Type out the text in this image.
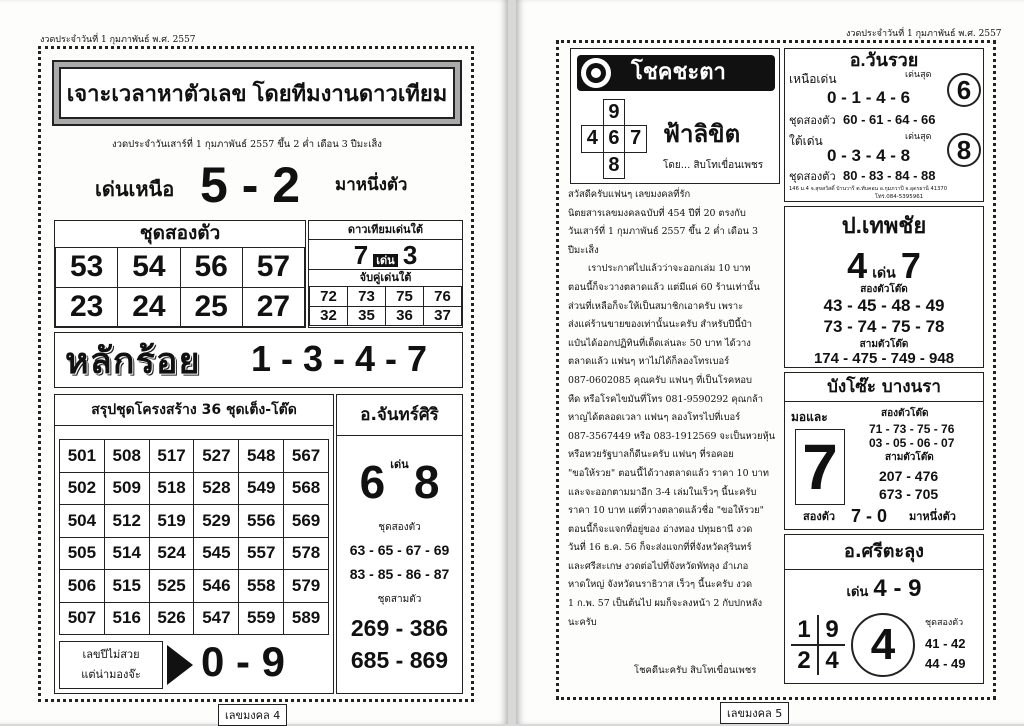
งวดประจำวันที่ 1 กุมภาพันธ์ พ.ศ. 2557
เจาะเวลาหาตัวเลข โดยทีมงานดาวเทียม
งวดประจำวันเสาร์ที่ 1 กุมภาพันธ์ 2557 ขึ้น 2 ค่ำ เดือน 3 ปีมะเส็ง
เด่นเหนือ 5 - 2 มาหนึ่งตัว
ชุดสองตัว
53	54	56	57
23	24	25	27
ดาวเทียมเด่นใต้
7 เด่น 3
จับคู่เด่นใต้
72	73	75	76
32	35	36	37
หลักร้อย 1 - 3 - 4 - 7
สรุปชุดโครงสร้าง 36 ชุดเต็ง-โต๊ด
501	508	517	527	548	567
502	509	518	528	549	568
504	512	519	529	556	569
505	514	524	545	557	578
506	515	525	546	558	579
507	516	526	547	559	589
เลขปีไม่สวย
แต่น่ามองจ๊ะ	0 - 9
อ.จันทร์ศิริ
6 $^{เด่น}$ 8
ชุดสองตัว
63 - 65 - 67 - 69
83 - 85 - 86 - 87
ชุดสามตัว
269 - 386
685 - 869
เลขมงคล 4
งวดประจำวันที่ 1 กุมภาพันธ์ พ.ศ. 2557
โชคชะตา
	9	
4	6	7
	8	
ฟ้าลิขิต
โดย... สิบโทเขื่อนเพชร
สวัสดีครับแฟนๆ เลขมงคลที่รัก
นิตยสารเลขมงคลฉบับที่ 454 ปีที่ 20 ตรงกับ
วันเสาร์ที่ 1 กุมภาพันธ์ 2557 ขึ้น 2 ค่ำ เดือน 3
ปีมะเส็ง
เราประกาศไปแล้วว่าจะออกเล่ม 10 บาท
ตอนนี้ก็จะวางตลาดแล้ว แต่มีแค่ 60 ร้านเท่านั้น
ส่วนที่เหลือก็จะให้เป็นสมาชิกเอาครับ เพราะ
ส่งแค่ร้านขายของเท่านั้นนะครับ สำหรับปีนี้ป๋า
แป๋นได้ออกปฏิทินที่เด็ดเล่นละ 50 บาท ได้วาง
ตลาดแล้ว แฟนๆ หาไม่ได้ก็ลองโทรเบอร์
087-0602085 คุณครับ แฟนๆ ที่เป็นโรคหอบ
หืด หรือโรคไขมันที่โทร 081-9590292 คุณกล้า
หาญได้ตลอดเวลา แฟนๆ ลองโทรไปที่เบอร์
087-3567449 หรือ 083-1912569 จะเป็นหวยหุ้น
หรือหวยรัฐบาลก็ดีนะครับ แฟนๆ ที่รอคอย
"ขอให้รวย" ตอนนี้ได้วางตลาดแล้ว ราคา 10 บาท
และจะออกตามมาอีก 3-4 เล่มในเร็วๆ นี้นะครับ
ราคา 10 บาท แต่ที่วางตลาดแล้วชื่อ "ขอให้รวย"
ตอนนี้ก็จะแจกที่อยู่ของ อ่างทอง ปทุมธานี งวด
วันที่ 16 ธ.ค. 56 ก็จะส่งแจกที่ที่จังหวัดสุรินทร์
และศรีสะเกษ งวดต่อไปที่จังหวัดพัทลุง อำเภอ
หาดใหญ่ จังหวัดนราธิวาส เร็วๆ นี้นะครับ งวด
1 ก.พ. 57 เป็นต้นไป ผมก็จะลงหน้า 2 กับปกหลัง
นะครับ
โชคดีนะครับ สิบโทเขื่อนเพชร
อ.วันรวย
เหนือเด่น	เด่นสุด
0 - 1 - 4 - 6	6
ชุดสองตัว 60 - 61 - 64 - 66
ใต้เด่น	เด่นสุด
0 - 3 - 4 - 8	8
ชุดสองตัว 80 - 83 - 84 - 88
146 ม.4 จ.สุขสวัสดิ์ บ้านวารี ต.ทับคอน อ.กุมภวาปี จ.อุดรธานี 41370
โทร.084-5395961
ป.เทพชัย
4 เด่น 7
สองตัวโต๊ด
43 - 45 - 48 - 49
73 - 74 - 75 - 78
สามตัวโต๊ด
174 - 475 - 749 - 948
บังโซ๊ะ บางนรา
มอและ
7
สองตัวโต๊ด
71 - 73 - 75 - 76
03 - 05 - 06 - 07
สามตัวโต๊ด
207 - 476
673 - 705
สองตัว 7 - 0 มาหนึ่งตัว
อ.ศรีตะลุง
เด่น 4 - 9
1	9
2	4 4	ชุดสองตัว
41 - 42
44 - 49
เลขมงคล 5
